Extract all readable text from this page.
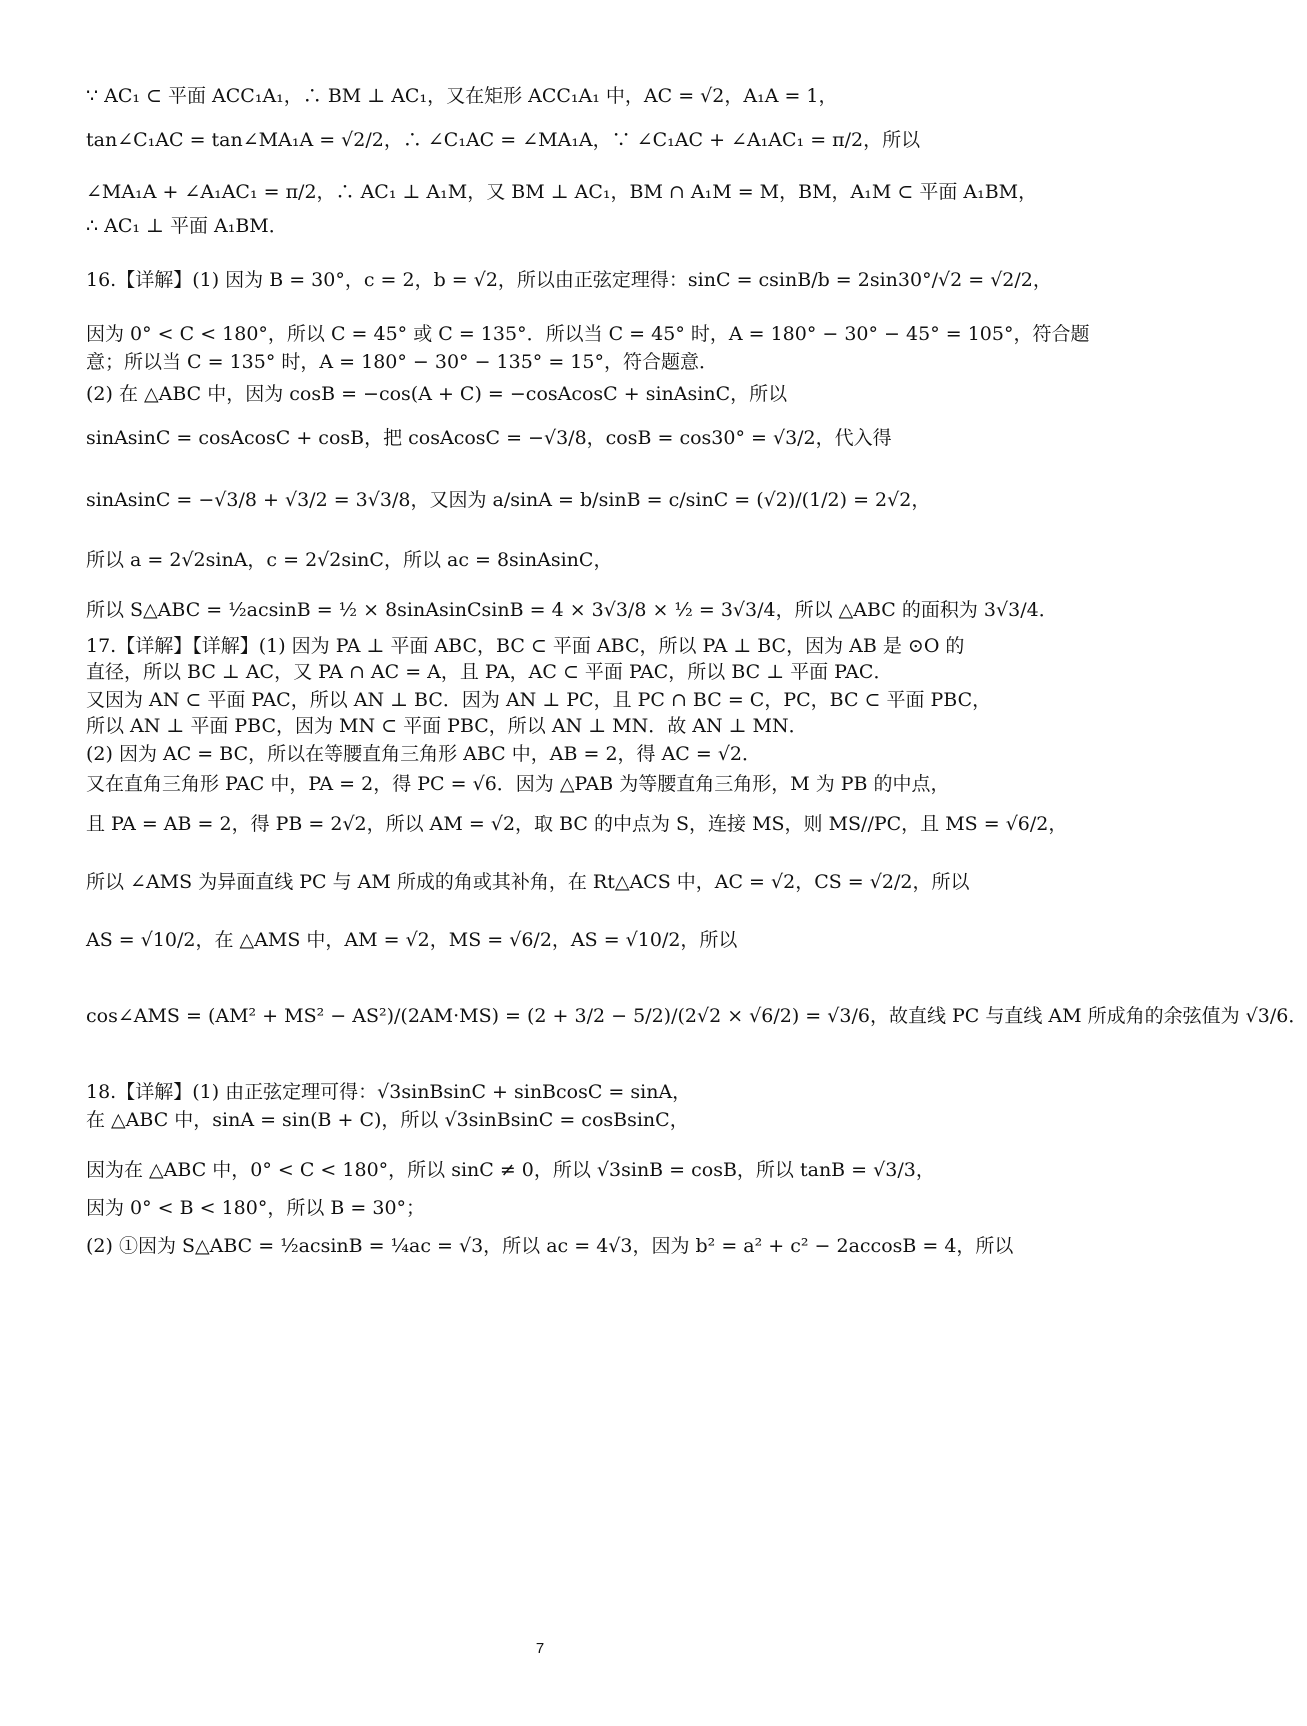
∵ AC₁ ⊂ 平面 ACC₁A₁，∴ BM ⊥ AC₁，又在矩形 ACC₁A₁ 中，AC = √2，A₁A = 1，
tan∠C₁AC = tan∠MA₁A = √2/2，∴ ∠C₁AC = ∠MA₁A，∵ ∠C₁AC + ∠A₁AC₁ = π/2，所以
∠MA₁A + ∠A₁AC₁ = π/2，∴ AC₁ ⊥ A₁M，又 BM ⊥ AC₁，BM ∩ A₁M = M，BM，A₁M ⊂ 平面 A₁BM，
∴ AC₁ ⊥ 平面 A₁BM．
16.【详解】(1) 因为 B = 30°，c = 2，b = √2，所以由正弦定理得：sinC = csinB/b = 2sin30°/√2 = √2/2，
因为 0° < C < 180°，所以 C = 45° 或 C = 135°．所以当 C = 45° 时，A = 180° − 30° − 45° = 105°，符合题
意；所以当 C = 135° 时，A = 180° − 30° − 135° = 15°，符合题意．
(2) 在 △ABC 中，因为 cosB = −cos(A + C) = −cosAcosC + sinAsinC，所以
sinAsinC = cosAcosC + cosB，把 cosAcosC = −√3/8，cosB = cos30° = √3/2，代入得
sinAsinC = −√3/8 + √3/2 = 3√3/8，又因为 a/sinA = b/sinB = c/sinC = (√2)/(1/2) = 2√2，
所以 a = 2√2sinA，c = 2√2sinC，所以 ac = 8sinAsinC，
所以 S△ABC = ½acsinB = ½ × 8sinAsinCsinB = 4 × 3√3/8 × ½ = 3√3/4，所以 △ABC 的面积为 3√3/4．
17.【详解】【详解】(1) 因为 PA ⊥ 平面 ABC，BC ⊂ 平面 ABC，所以 PA ⊥ BC，因为 AB 是 ⊙O 的
直径，所以 BC ⊥ AC，又 PA ∩ AC = A，且 PA，AC ⊂ 平面 PAC，所以 BC ⊥ 平面 PAC．
又因为 AN ⊂ 平面 PAC，所以 AN ⊥ BC．因为 AN ⊥ PC，且 PC ∩ BC = C，PC，BC ⊂ 平面 PBC，
所以 AN ⊥ 平面 PBC，因为 MN ⊂ 平面 PBC，所以 AN ⊥ MN．故 AN ⊥ MN．
(2) 因为 AC = BC，所以在等腰直角三角形 ABC 中，AB = 2，得 AC = √2．
又在直角三角形 PAC 中，PA = 2，得 PC = √6．因为 △PAB 为等腰直角三角形，M 为 PB 的中点，
且 PA = AB = 2，得 PB = 2√2，所以 AM = √2，取 BC 的中点为 S，连接 MS，则 MS//PC，且 MS = √6/2，
所以 ∠AMS 为异面直线 PC 与 AM 所成的角或其补角，在 Rt△ACS 中，AC = √2，CS = √2/2，所以
AS = √10/2，在 △AMS 中，AM = √2，MS = √6/2，AS = √10/2，所以
cos∠AMS = (AM² + MS² − AS²)/(2AM·MS) = (2 + 3/2 − 5/2)/(2√2 × √6/2) = √3/6，故直线 PC 与直线 AM 所成角的余弦值为 √3/6．
18.【详解】(1) 由正弦定理可得：√3sinBsinC + sinBcosC = sinA，
在 △ABC 中，sinA = sin(B + C)，所以 √3sinBsinC = cosBsinC，
因为在 △ABC 中，0° < C < 180°，所以 sinC ≠ 0，所以 √3sinB = cosB，所以 tanB = √3/3，
因为 0° < B < 180°，所以 B = 30°；
(2) ①因为 S△ABC = ½acsinB = ¼ac = √3，所以 ac = 4√3，因为 b² = a² + c² − 2accosB = 4，所以
7
